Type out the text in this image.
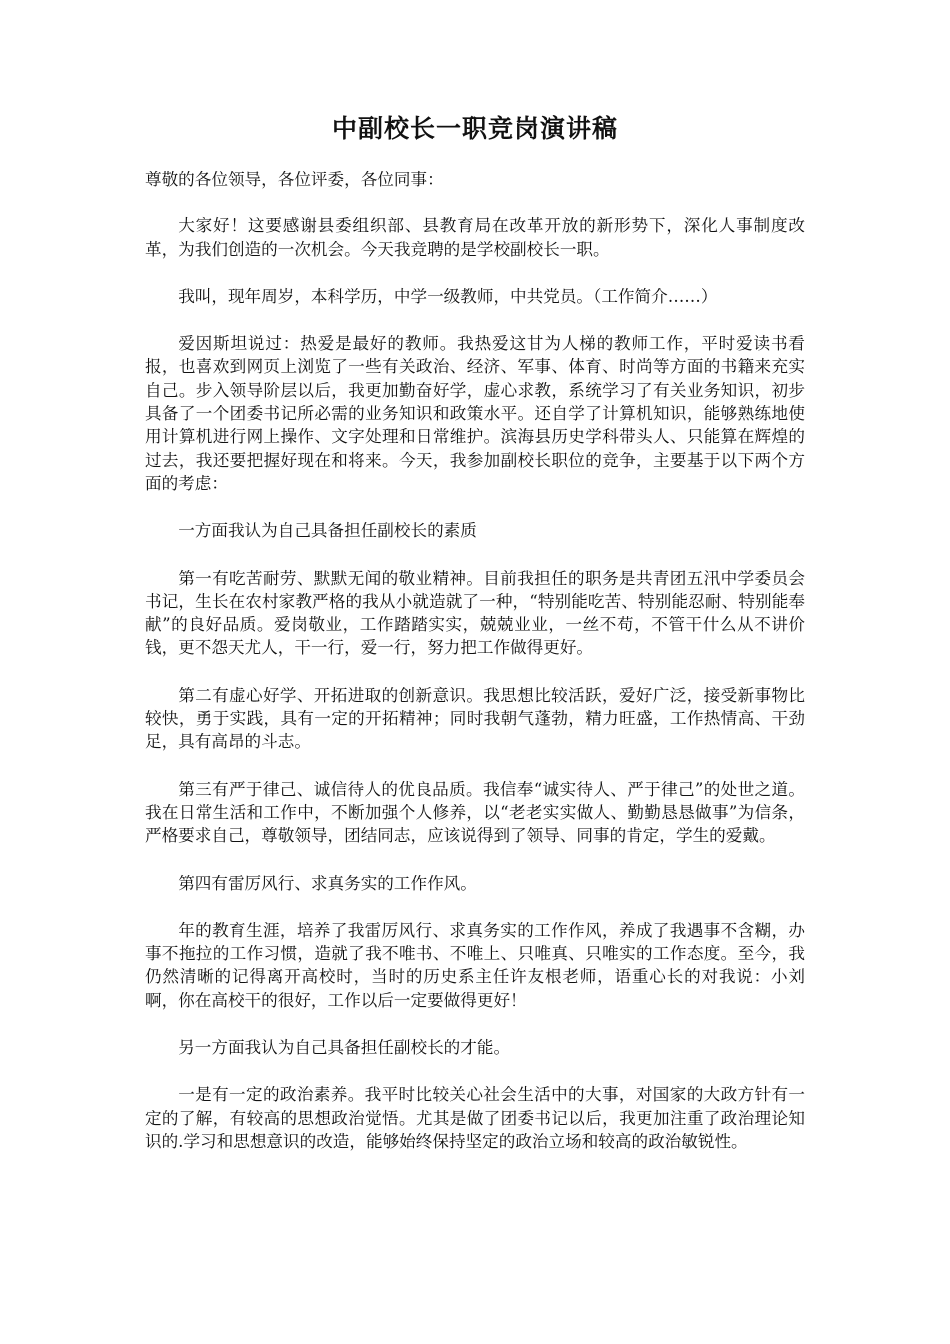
中副校长一职竞岗演讲稿

尊敬的各位领导，各位评委，各位同事：

大家好！这要感谢县委组织部、县教育局在改革开放的新形势下，深化人事制度改革，为我们创造的一次机会。今天我竞聘的是学校副校长一职。

我叫，现年周岁，本科学历，中学一级教师，中共党员。（工作简介……）

爱因斯坦说过：热爱是最好的教师。我热爱这甘为人梯的教师工作，平时爱读书看报，也喜欢到网页上浏览了一些有关政治、经济、军事、体育、时尚等方面的书籍来充实自己。步入领导阶层以后，我更加勤奋好学，虚心求教，系统学习了有关业务知识，初步具备了一个团委书记所必需的业务知识和政策水平。还自学了计算机知识，能够熟练地使用计算机进行网上操作、文字处理和日常维护。滨海县历史学科带头人、只能算在辉煌的过去，我还要把握好现在和将来。今天，我参加副校长职位的竞争，主要基于以下两个方面的考虑：

一方面我认为自己具备担任副校长的素质

第一有吃苦耐劳、默默无闻的敬业精神。目前我担任的职务是共青团五汛中学委员会书记，生长在农村家教严格的我从小就造就了一种，“特别能吃苦、特别能忍耐、特别能奉献”的良好品质。爱岗敬业，工作踏踏实实，兢兢业业，一丝不苟，不管干什么从不讲价钱，更不怨天尤人，干一行，爱一行，努力把工作做得更好。

第二有虚心好学、开拓进取的创新意识。我思想比较活跃，爱好广泛，接受新事物比较快，勇于实践，具有一定的开拓精神；同时我朝气蓬勃，精力旺盛，工作热情高、干劲足，具有高昂的斗志。

第三有严于律己、诚信待人的优良品质。我信奉“诚实待人、严于律己”的处世之道。我在日常生活和工作中，不断加强个人修养，以“老老实实做人、勤勤恳恳做事”为信条，严格要求自己，尊敬领导，团结同志，应该说得到了领导、同事的肯定，学生的爱戴。

第四有雷厉风行、求真务实的工作作风。

年的教育生涯，培养了我雷厉风行、求真务实的工作作风，养成了我遇事不含糊，办事不拖拉的工作习惯，造就了我不唯书、不唯上、只唯真、只唯实的工作态度。至今，我仍然清晰的记得离开高校时，当时的历史系主任许友根老师，语重心长的对我说：小刘啊，你在高校干的很好，工作以后一定要做得更好！

另一方面我认为自己具备担任副校长的才能。

一是有一定的政治素养。我平时比较关心社会生活中的大事，对国家的大政方针有一定的了解，有较高的思想政治觉悟。尤其是做了团委书记以后，我更加注重了政治理论知识的.学习和思想意识的改造，能够始终保持坚定的政治立场和较高的政治敏锐性。
